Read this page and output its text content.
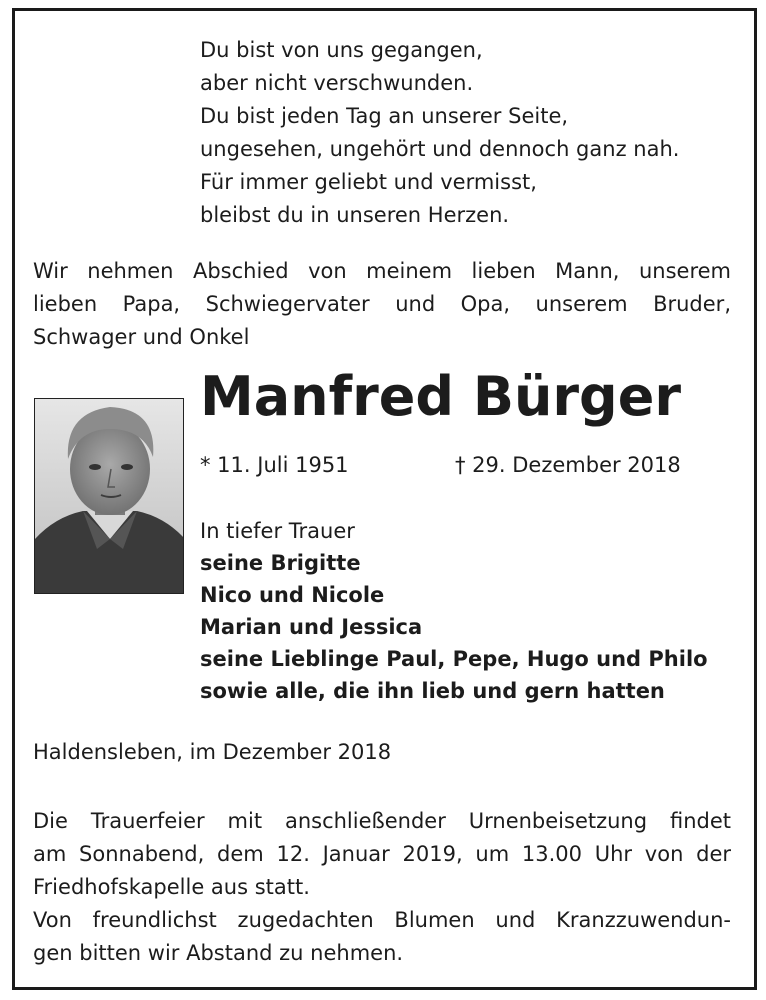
Du bist von uns gegangen,
aber nicht verschwunden.
Du bist jeden Tag an unserer Seite,
ungesehen, ungehört und dennoch ganz nah.
Für immer geliebt und vermisst,
bleibst du in unseren Herzen.
Wir nehmen Abschied von meinem lieben Mann, unserem
lieben Papa, Schwiegervater und Opa, unserem Bruder,
Schwager und Onkel
Manfred Bürger
* 11. Juli 1951	† 29. Dezember 2018
In tiefer Trauer
seine Brigitte
Nico und Nicole
Marian und Jessica
seine Lieblinge Paul, Pepe, Hugo und Philo
sowie alle, die ihn lieb und gern hatten
Haldensleben, im Dezember 2018
Die Trauerfeier mit anschließender Urnenbeisetzung findet
am Sonnabend, dem 12. Januar 2019, um 13.00 Uhr von der
Friedhofskapelle aus statt.
Von freundlichst zugedachten Blumen und Kranzzuwendun-
gen bitten wir Abstand zu nehmen.
